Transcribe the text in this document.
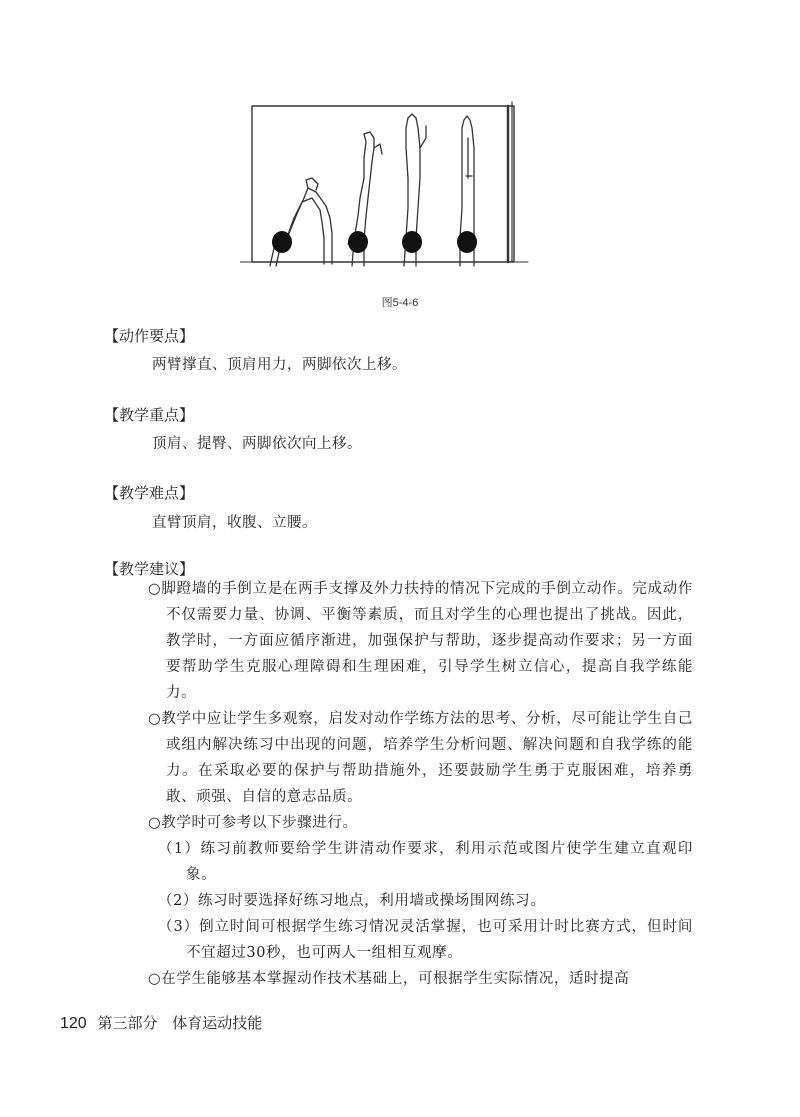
图5-4-6
【动作要点】
两臂撑直、顶肩用力，两脚依次上移。
【教学重点】
顶肩、提臀、两脚依次向上移。
【教学难点】
直臂顶肩，收腹、立腰。
【教学建议】

○脚蹬墙的手倒立是在两手支撑及外力扶持的情况下完成的手倒立动作。完成动作不仅需要力量、协调、平衡等素质，而且对学生的心理也提出了挑战。因此，教学时，一方面应循序渐进，加强保护与帮助，逐步提高动作要求；另一方面要帮助学生克服心理障碍和生理困难，引导学生树立信心，提高自我学练能力。

○教学中应让学生多观察，启发对动作学练方法的思考、分析，尽可能让学生自己或组内解决练习中出现的问题，培养学生分析问题、解决问题和自我学练的能力。在采取必要的保护与帮助措施外，还要鼓励学生勇于克服困难，培养勇敢、顽强、自信的意志品质。

○教学时可参考以下步骤进行。

（1）练习前教师要给学生讲清动作要求，利用示范或图片使学生建立直观印象。

（2）练习时要选择好练习地点，利用墙或操场围网练习。

（3）倒立时间可根据学生练习情况灵活掌握，也可采用计时比赛方式，但时间不宜超过30秒，也可两人一组相互观摩。

○在学生能够基本掌握动作技术基础上，可根据学生实际情况，适时提高

120 第三部分 体育运动技能
